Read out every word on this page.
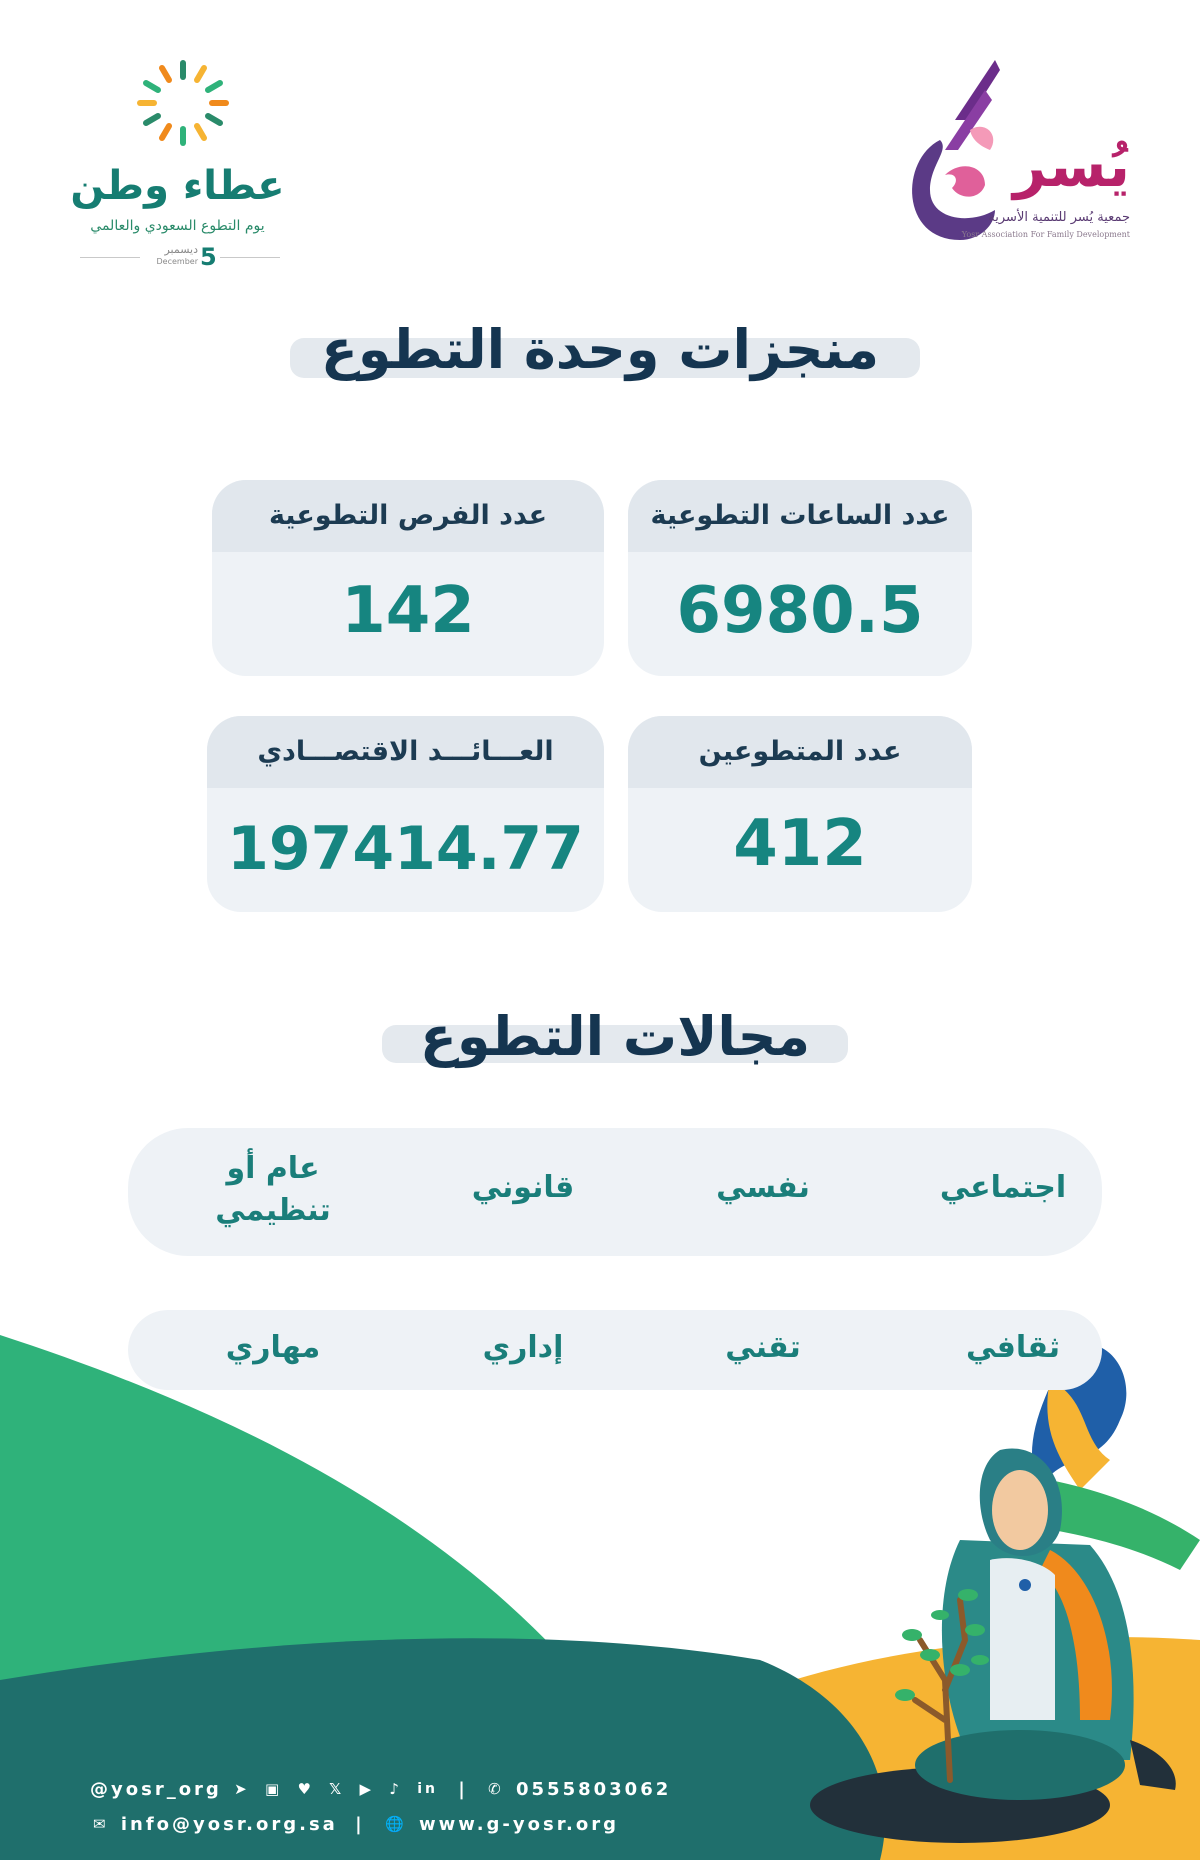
يُسر
جمعية يُسر للتنمية الأسرية
Yosr Association For Family Development
عطاء وطن
يوم التطوع السعودي والعالمي
ديسمبر
December 5
منجزات وحدة التطوع
عدد الساعات التطوعية
6980.5
عدد الفرص التطوعية
142
عدد المتطوعين
412
العـــائـــد الاقتصـــادي
197414.77
مجالات التطوع
اجتماعي
نفسي
قانوني
عام أو تنظيمي
ثقافي
تقني
إداري
مهاري
@yosr_org ➤ ▣ ♥ 𝕏 ▶ ♪ in | ✆ 0555803062
✉ info@yosr.org.sa | 🌐 www.g-yosr.org
